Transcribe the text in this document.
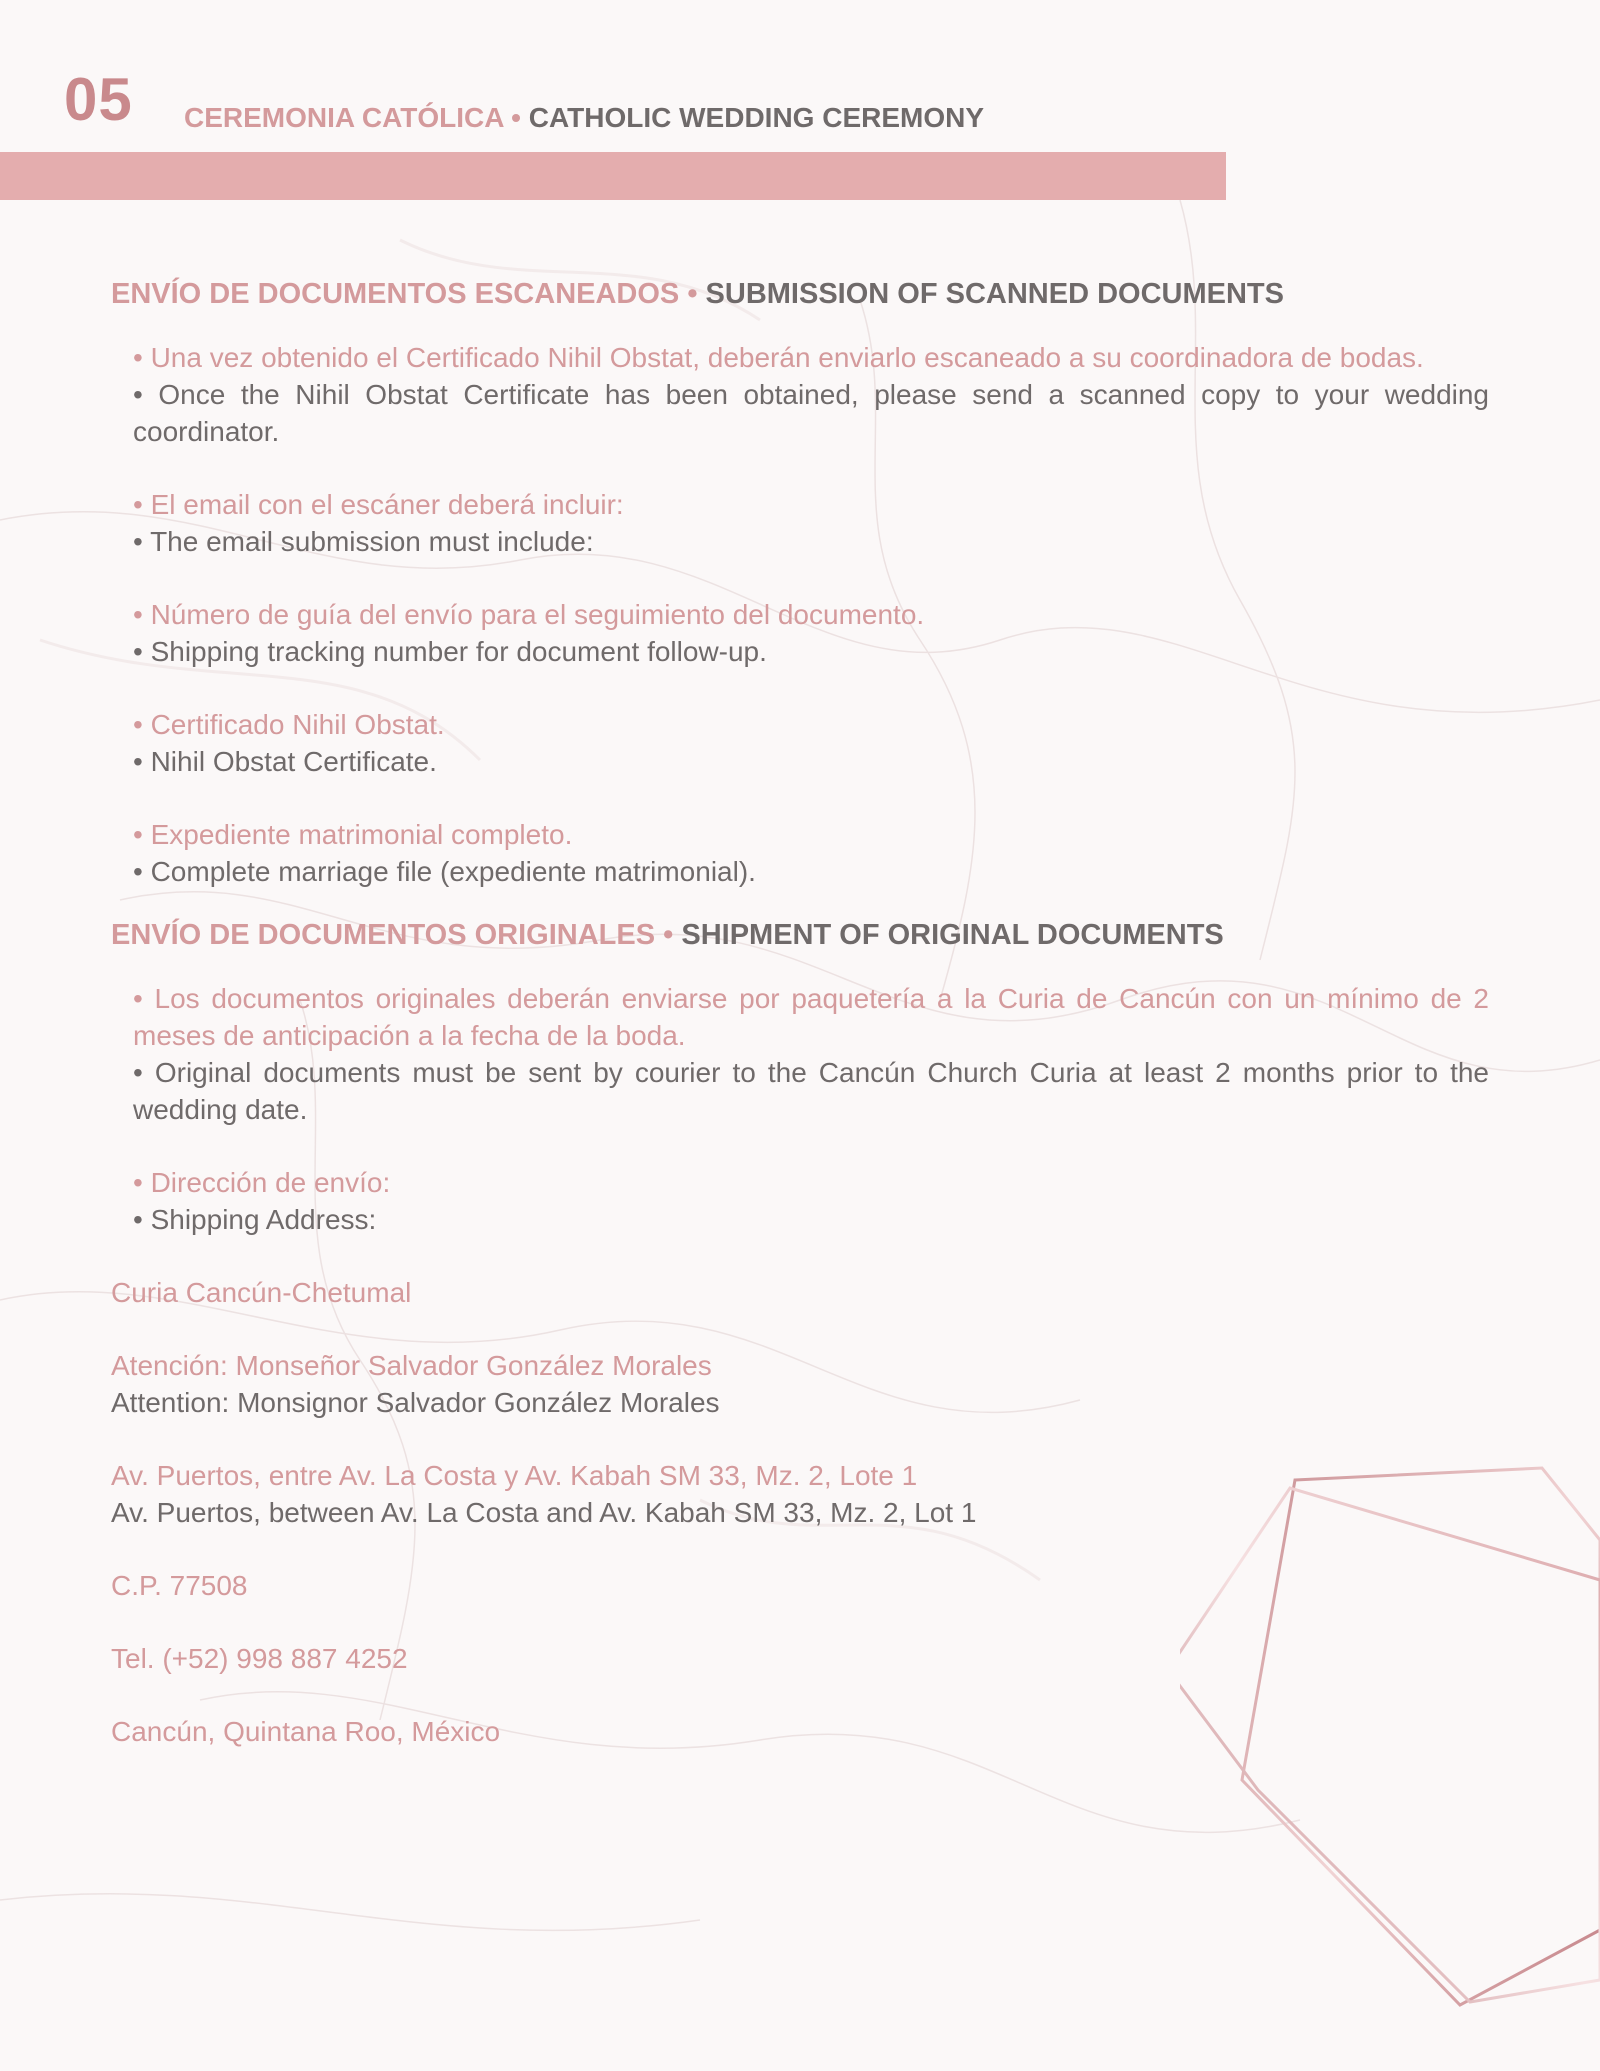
05 CEREMONIA CATÓLICA • CATHOLIC WEDDING CEREMONY
ENVÍO DE DOCUMENTOS ESCANEADOS • SUBMISSION OF SCANNED DOCUMENTS

• Una vez obtenido el Certificado Nihil Obstat, deberán enviarlo escaneado a su coordinadora de bodas.

• Once the Nihil Obstat Certificate has been obtained, please send a scanned copy to your wedding coordinator.

• El email con el escáner deberá incluir:

• The email submission must include:

• Número de guía del envío para el seguimiento del documento.

• Shipping tracking number for document follow-up.

• Certificado Nihil Obstat.

• Nihil Obstat Certificate.

• Expediente matrimonial completo.

• Complete marriage file (expediente matrimonial).

ENVÍO DE DOCUMENTOS ORIGINALES • SHIPMENT OF ORIGINAL DOCUMENTS

• Los documentos originales deberán enviarse por paquetería a la Curia de Cancún con un mínimo de 2 meses de anticipación a la fecha de la boda.

• Original documents must be sent by courier to the Cancún Church Curia at least 2 months prior to the wedding date.

• Dirección de envío:

• Shipping Address:

Curia Cancún-Chetumal

Atención: Monseñor Salvador González Morales

Attention: Monsignor Salvador González Morales

Av. Puertos, entre Av. La Costa y Av. Kabah SM 33, Mz. 2, Lote 1

Av. Puertos, between Av. La Costa and Av. Kabah SM 33, Mz. 2, Lot 1

C.P. 77508

Tel. (+52) 998 887 4252

Cancún, Quintana Roo, México
